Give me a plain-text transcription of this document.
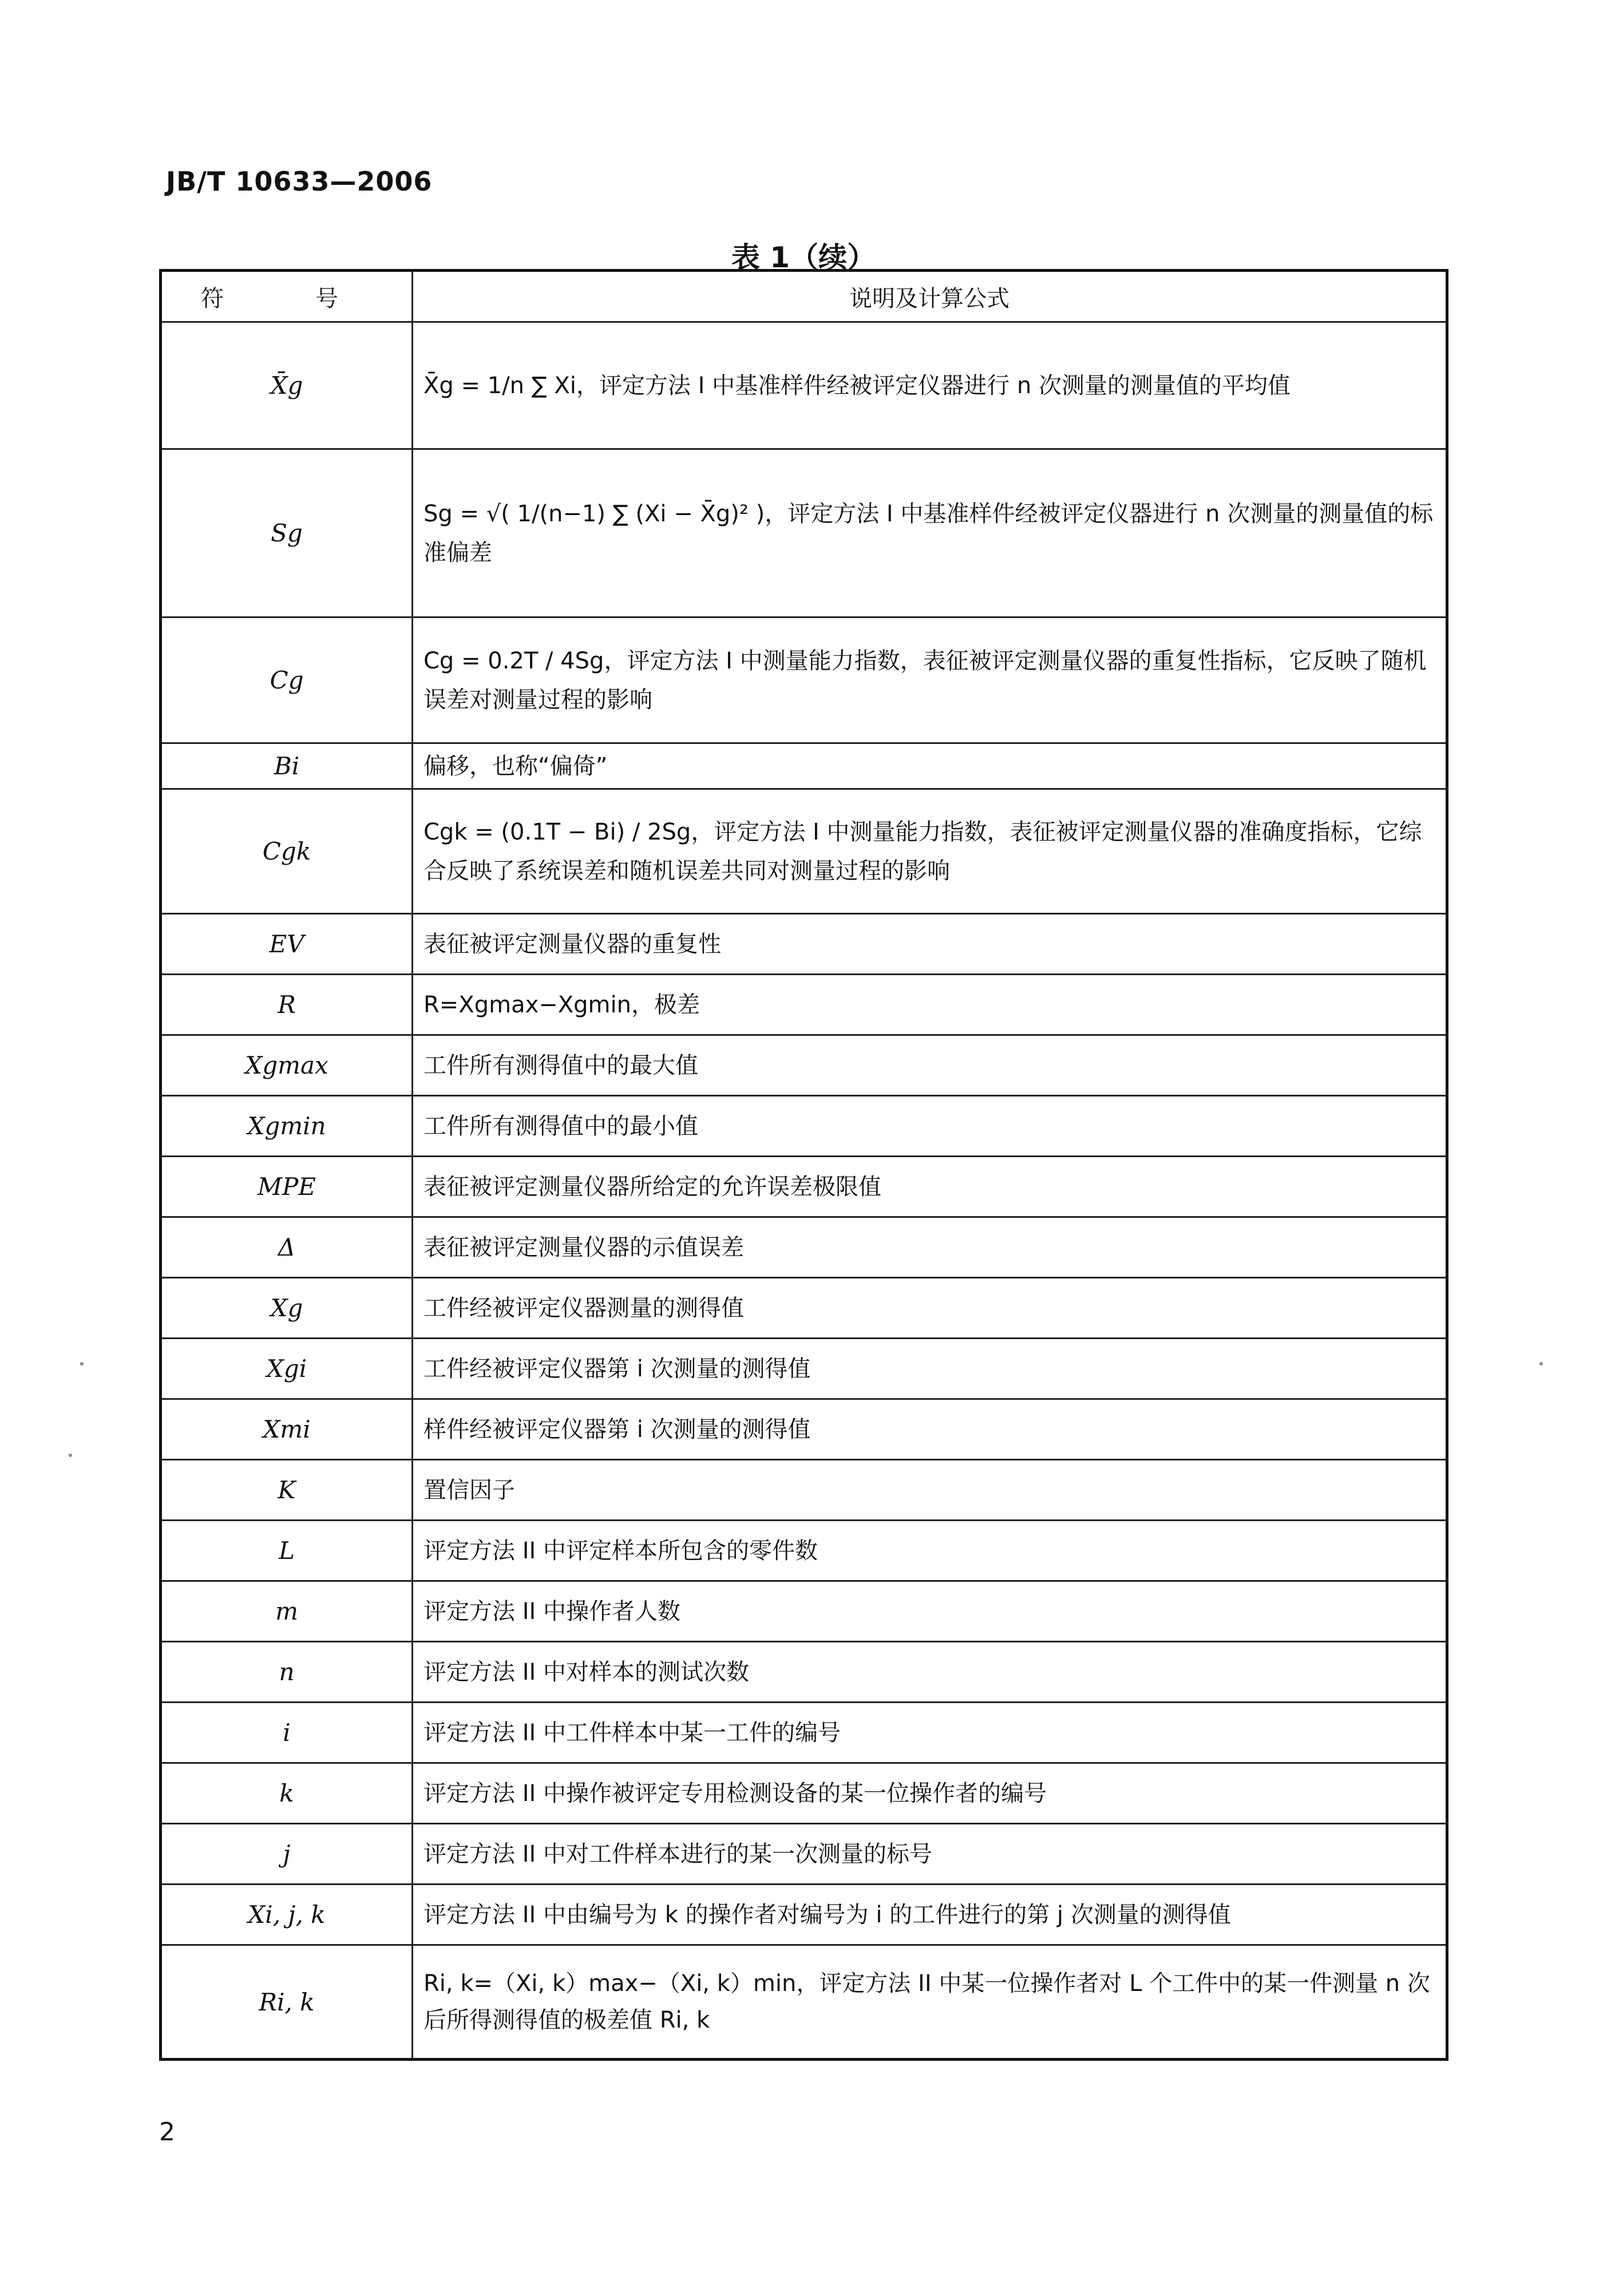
JB/T 10633—2006
表 1（续）
符　号	说明及计算公式
X̄g	X̄g = 1/n ∑ Xi，评定方法 I 中基准样件经被评定仪器进行 n 次测量的测量值的平均值
Sg	Sg = √( 1/(n−1) ∑ (Xi − X̄g)² )，评定方法 I 中基准样件经被评定仪器进行 n 次测量的测量值的标准偏差
Cg	Cg = 0.2T / 4Sg，评定方法 I 中测量能力指数，表征被评定测量仪器的重复性指标，它反映了随机误差对测量过程的影响
Bi	偏移，也称“偏倚”
Cgk	Cgk = (0.1T − Bi) / 2Sg，评定方法 I 中测量能力指数，表征被评定测量仪器的准确度指标，它综合反映了系统误差和随机误差共同对测量过程的影响
EV	表征被评定测量仪器的重复性
R	R=Xgmax−Xgmin，极差
Xgmax	工件所有测得值中的最大值
Xgmin	工件所有测得值中的最小值
MPE	表征被评定测量仪器所给定的允许误差极限值
Δ	表征被评定测量仪器的示值误差
Xg	工件经被评定仪器测量的测得值
Xgi	工件经被评定仪器第 i 次测量的测得值
Xmi	样件经被评定仪器第 i 次测量的测得值
K	置信因子
L	评定方法 II 中评定样本所包含的零件数
m	评定方法 II 中操作者人数
n	评定方法 II 中对样本的测试次数
i	评定方法 II 中工件样本中某一工件的编号
k	评定方法 II 中操作被评定专用检测设备的某一位操作者的编号
j	评定方法 II 中对工件样本进行的某一次测量的标号
Xi, j, k	评定方法 II 中由编号为 k 的操作者对编号为 i 的工件进行的第 j 次测量的测得值
Ri, k	Ri, k=（Xi, k）max−（Xi, k）min，评定方法 II 中某一位操作者对 L 个工件中的某一件测量 n 次后所得测得值的极差值 Ri, k
2
